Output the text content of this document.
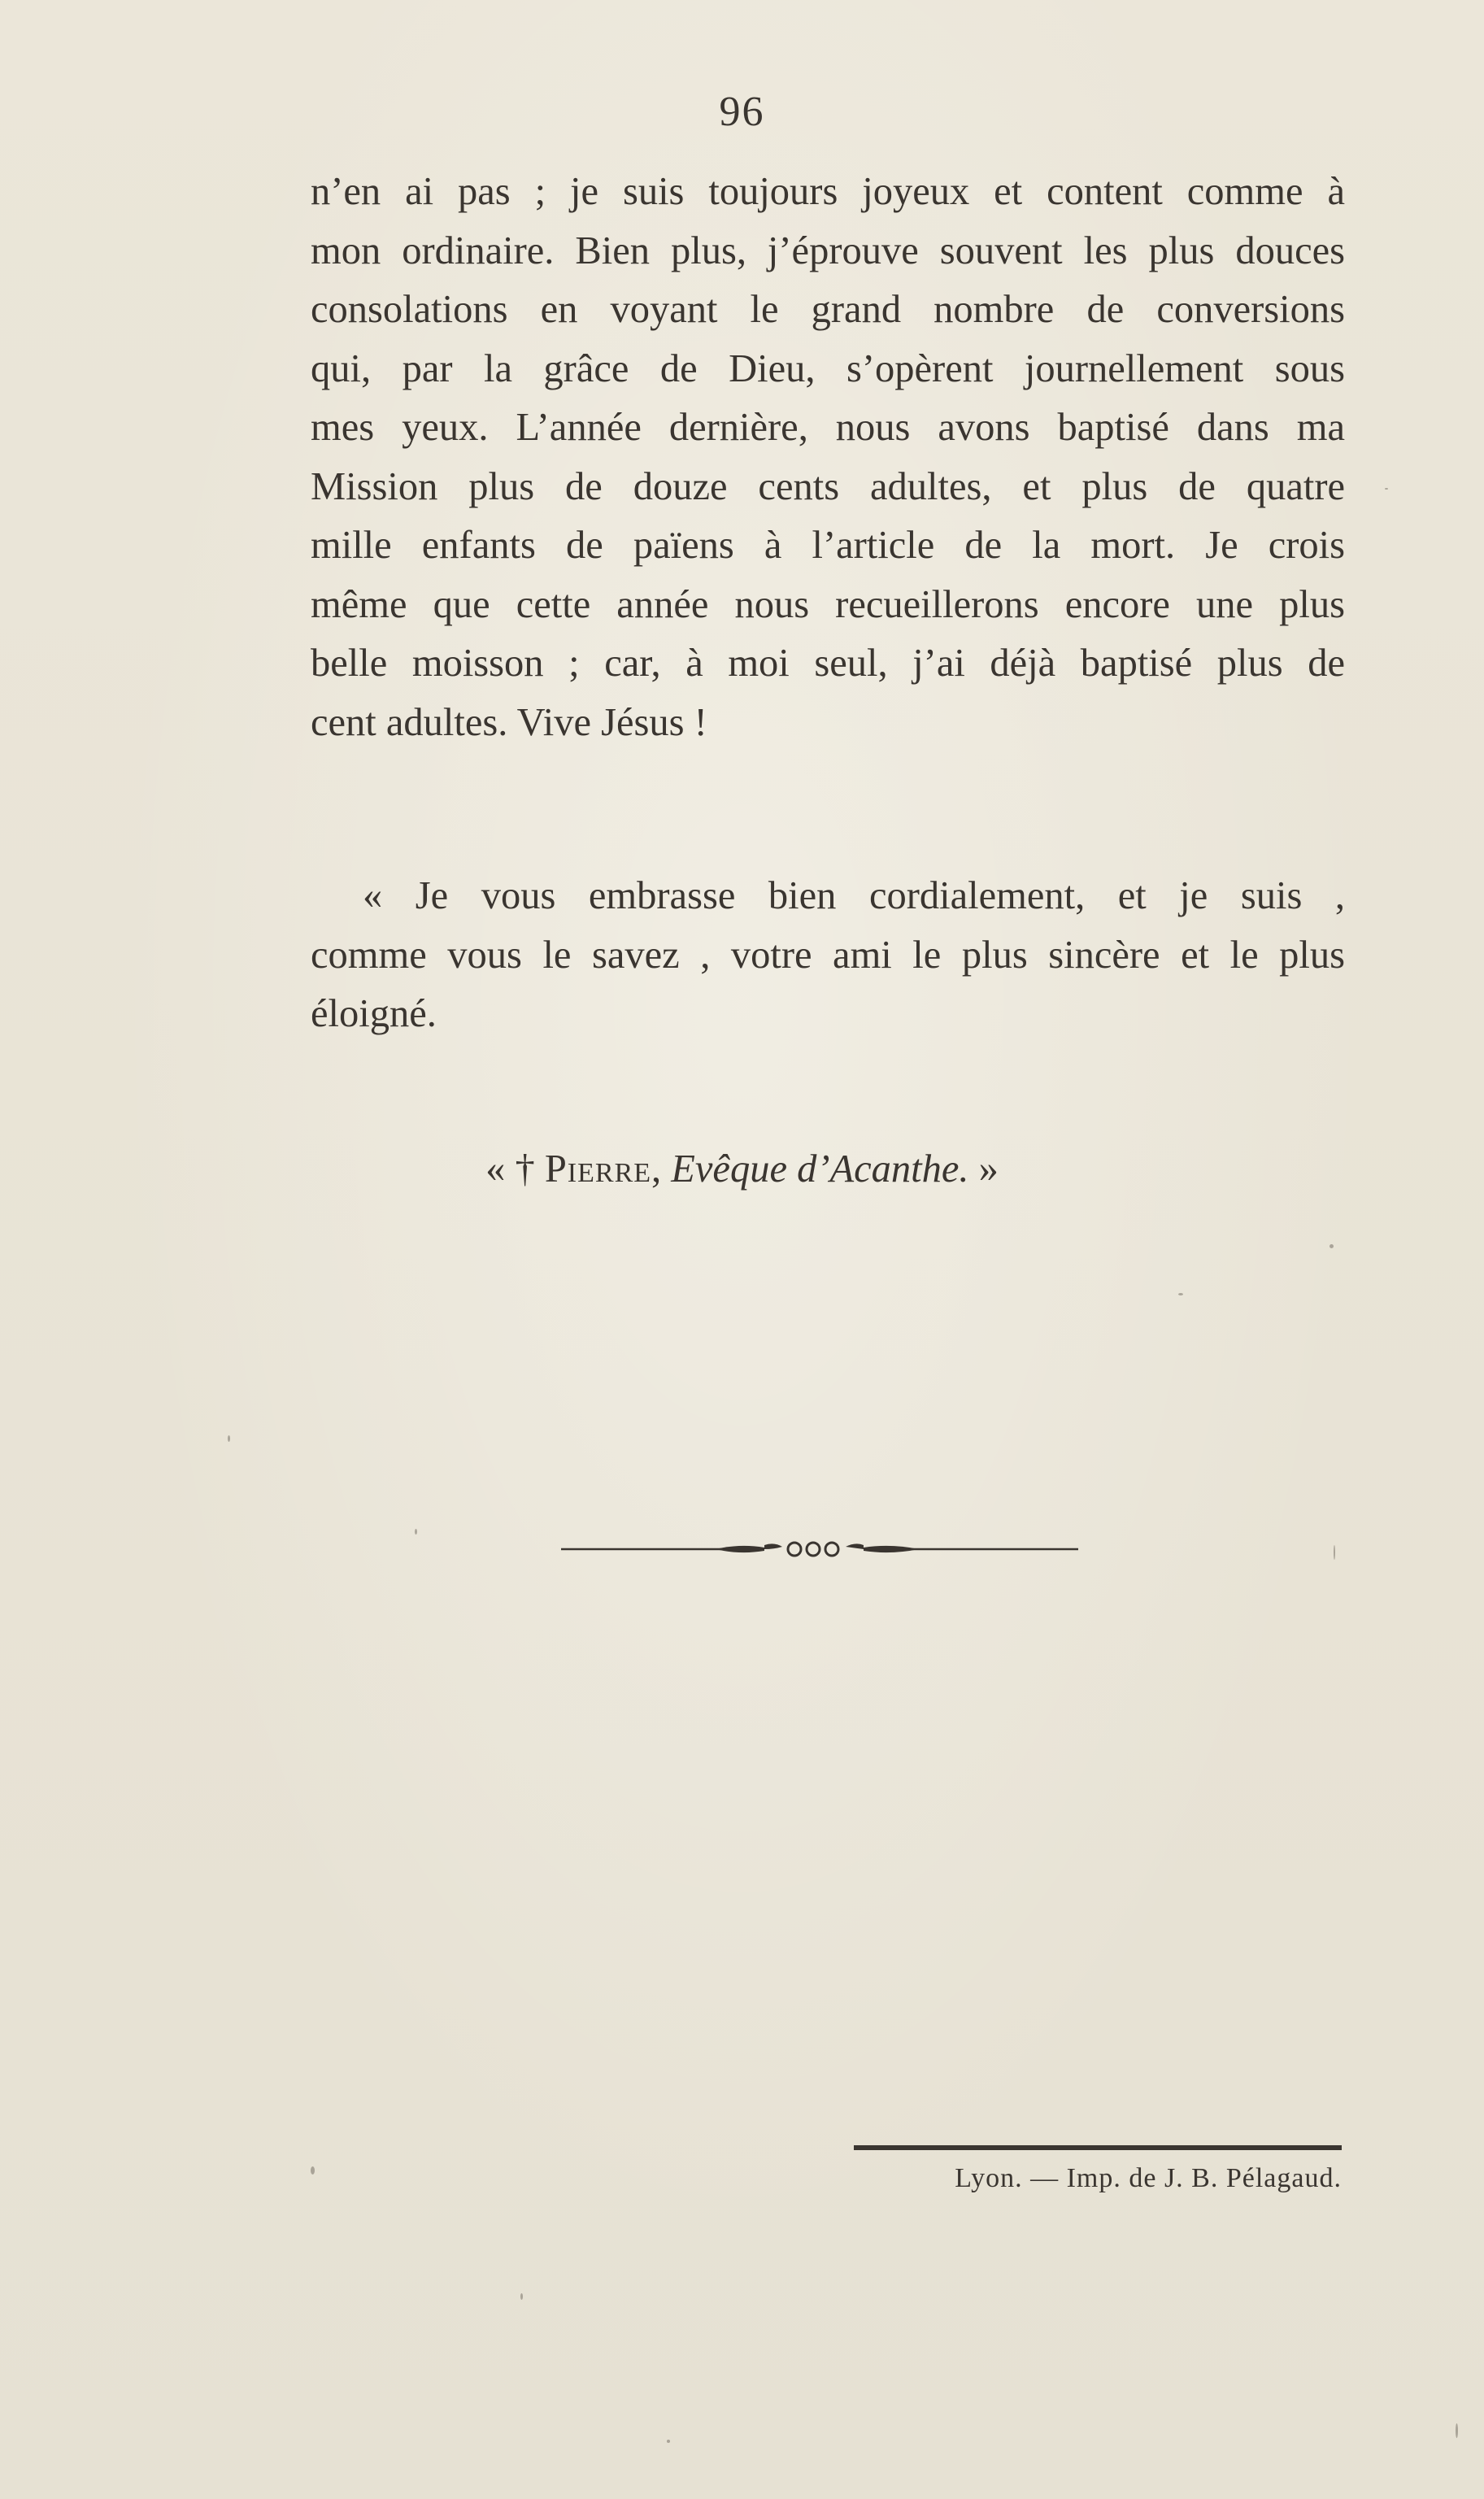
96
n’en ai pas ; je suis toujours joyeux et content comme à
mon ordinaire. Bien plus, j’éprouve souvent les plus douces
consolations en voyant le grand nombre de conversions
qui, par la grâce de Dieu, s’opèrent journellement sous
mes yeux. L’année dernière, nous avons baptisé dans ma
Mission plus de douze cents adultes, et plus de quatre
mille enfants de païens à l’article de la mort. Je crois
même que cette année nous recueillerons encore une plus
belle moisson ; car, à moi seul, j’ai déjà baptisé plus de
cent adultes. Vive Jésus !
« Je vous embrasse bien cordialement, et je suis ,
comme vous le savez , votre ami le plus sincère et le plus
éloigné.
« † Pierre, Evêque d’Acanthe. »
Lyon. — Imp. de J. B. Pélagaud.
